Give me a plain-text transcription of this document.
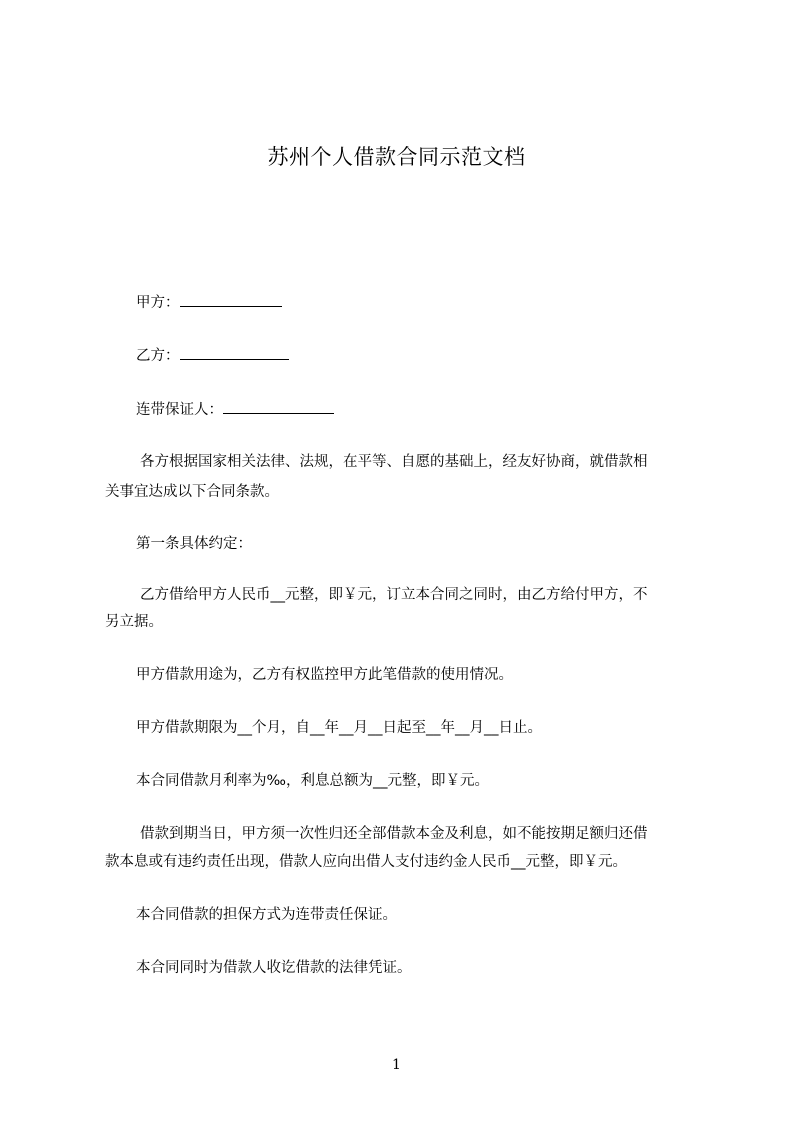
苏州个人借款合同示范文档
甲方：
乙方：
连带保证人：
各方根据国家相关法律、法规，在平等、自愿的基础上，经友好协商，就借款相
关事宜达成以下合同条款。
第一条具体约定：
乙方借给甲方人民币__元整，即￥元，订立本合同之同时，由乙方给付甲方，不
另立据。
甲方借款用途为，乙方有权监控甲方此笔借款的使用情况。
甲方借款期限为__个月，自__年__月__日起至__年__月__日止。
本合同借款月利率为‰，利息总额为__元整，即￥元。
借款到期当日，甲方须一次性归还全部借款本金及利息，如不能按期足额归还借
款本息或有违约责任出现，借款人应向出借人支付违约金人民币__元整，即￥元。
本合同借款的担保方式为连带责任保证。
本合同同时为借款人收讫借款的法律凭证。
1
